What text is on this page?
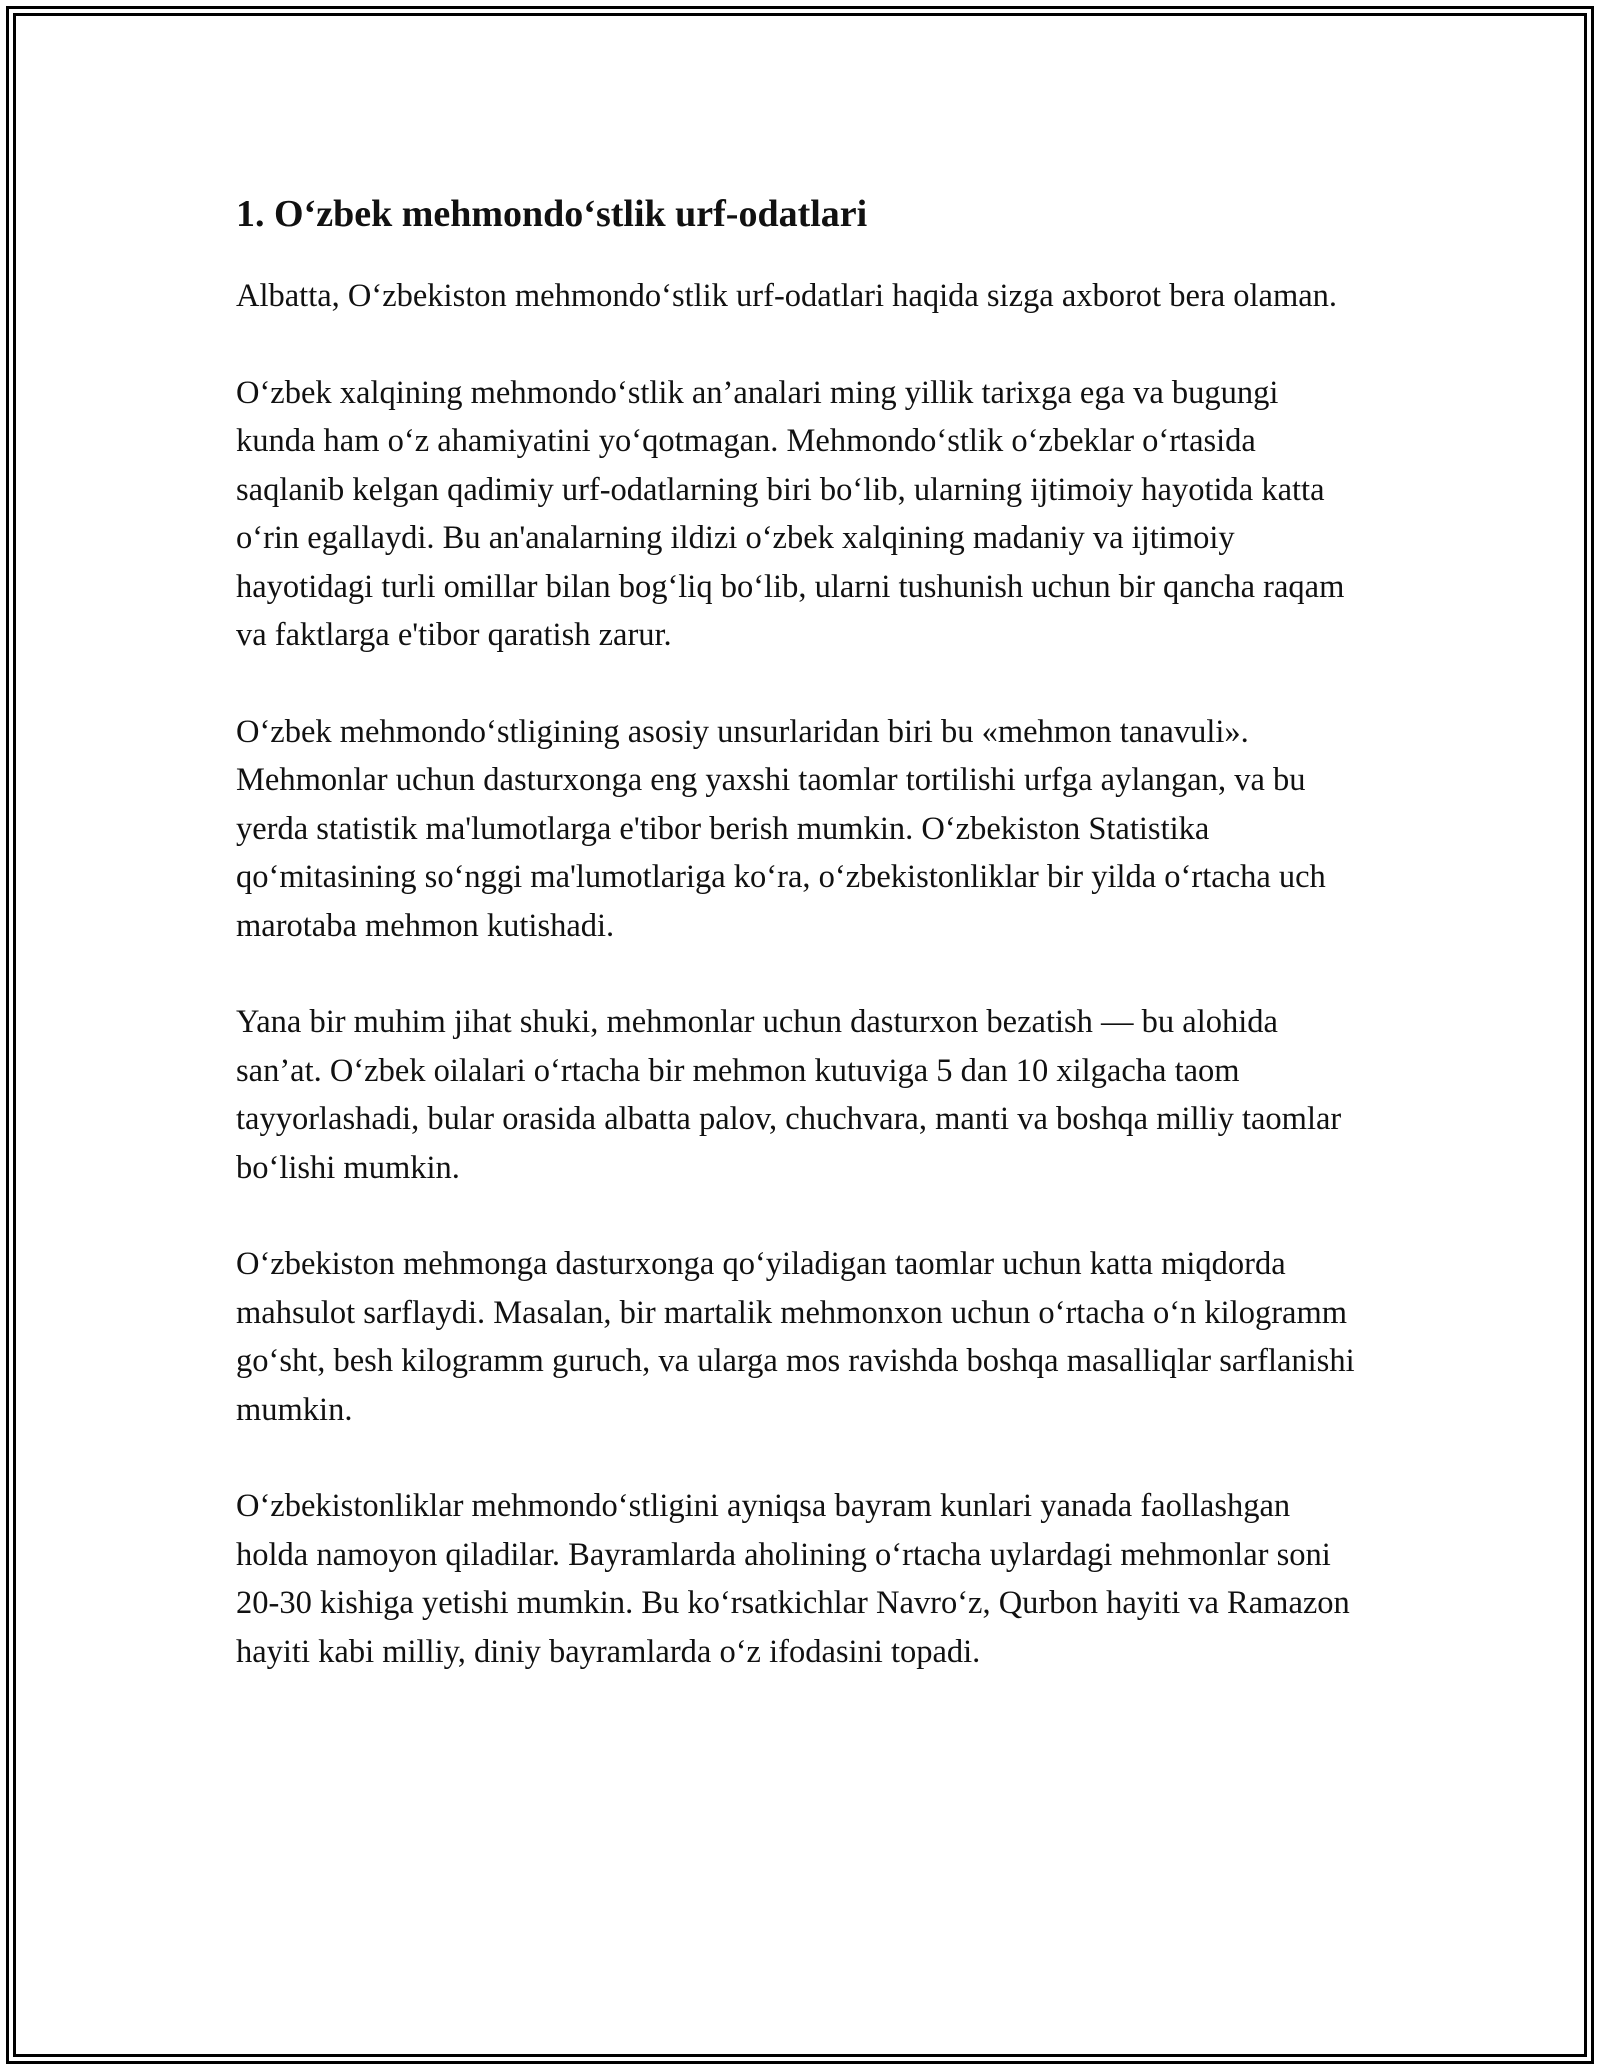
1. O‘zbek mehmondo‘stlik urf-odatlari

Albatta, O‘zbekiston mehmondo‘stlik urf-odatlari haqida sizga axborot bera olaman.

O‘zbek xalqining mehmondo‘stlik an’analari ming yillik tarixga ega va bugungi kunda ham o‘z ahamiyatini yo‘qotmagan. Mehmondo‘stlik o‘zbeklar o‘rtasida saqlanib kelgan qadimiy urf-odatlarning biri bo‘lib, ularning ijtimoiy hayotida katta o‘rin egallaydi. Bu an'analarning ildizi o‘zbek xalqining madaniy va ijtimoiy hayotidagi turli omillar bilan bog‘liq bo‘lib, ularni tushunish uchun bir qancha raqam va faktlarga e'tibor qaratish zarur.

O‘zbek mehmondo‘stligining asosiy unsurlaridan biri bu «mehmon tanavuli». Mehmonlar uchun dasturxonga eng yaxshi taomlar tortilishi urfga aylangan, va bu yerda statistik ma'lumotlarga e'tibor berish mumkin. O‘zbekiston Statistika qo‘mitasining so‘nggi ma'lumotlariga ko‘ra, o‘zbekistonliklar bir yilda o‘rtacha uch marotaba mehmon kutishadi.

Yana bir muhim jihat shuki, mehmonlar uchun dasturxon bezatish — bu alohida san’at. O‘zbek oilalari o‘rtacha bir mehmon kutuviga 5 dan 10 xilgacha taom tayyorlashadi, bular orasida albatta palov, chuchvara, manti va boshqa milliy taomlar bo‘lishi mumkin.

O‘zbekiston mehmonga dasturxonga qo‘yiladigan taomlar uchun katta miqdorda mahsulot sarflaydi. Masalan, bir martalik mehmonxon uchun o‘rtacha o‘n kilogramm go‘sht, besh kilogramm guruch, va ularga mos ravishda boshqa masalliqlar sarflanishi mumkin.

O‘zbekistonliklar mehmondo‘stligini ayniqsa bayram kunlari yanada faollashgan holda namoyon qiladilar. Bayramlarda aholining o‘rtacha uylardagi mehmonlar soni 20-30 kishiga yetishi mumkin. Bu ko‘rsatkichlar Navro‘z, Qurbon hayiti va Ramazon hayiti kabi milliy, diniy bayramlarda o‘z ifodasini topadi.
